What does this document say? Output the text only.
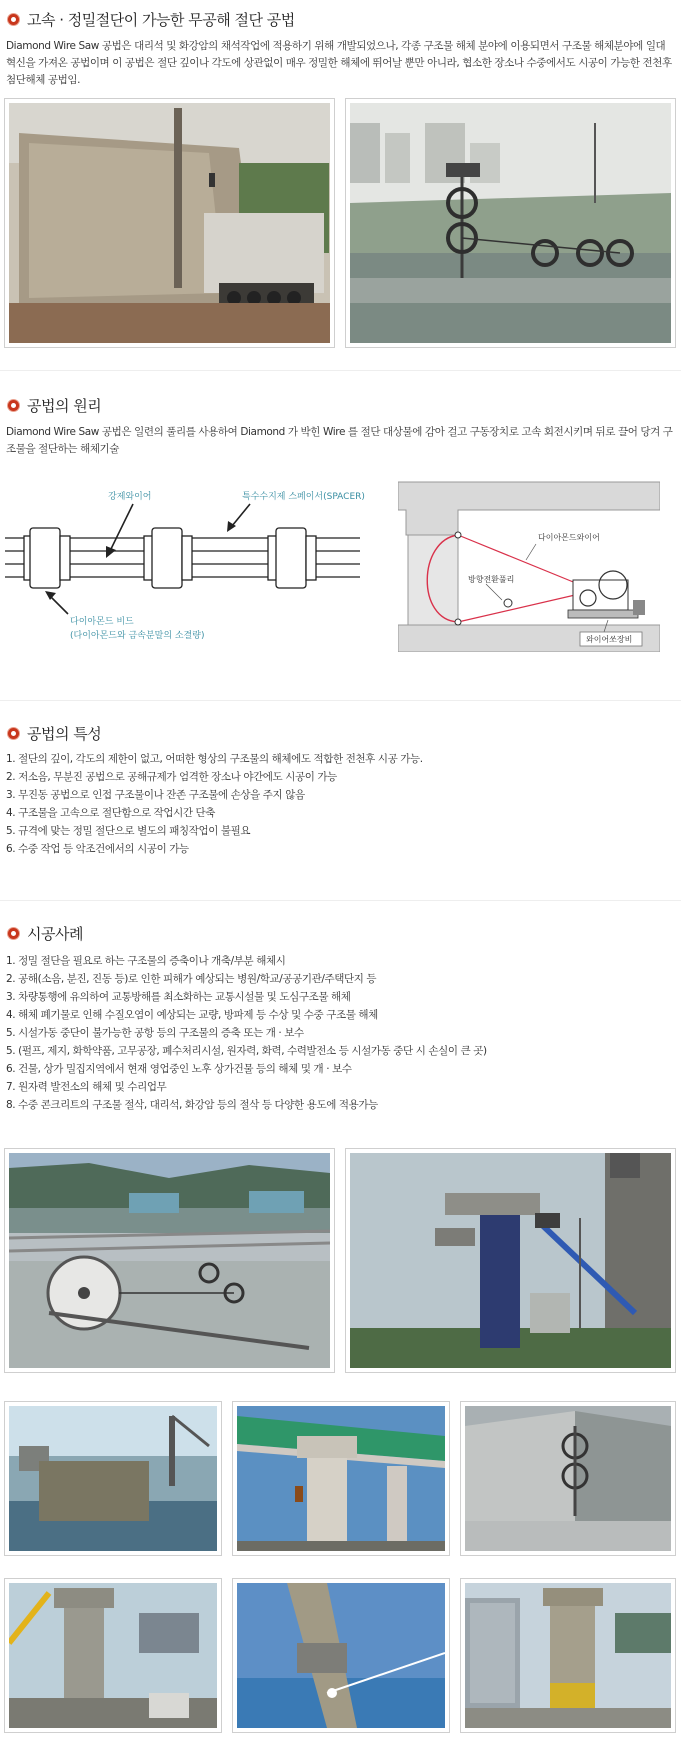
고속 · 정밀절단이 가능한 무공해 절단 공법

Diamond Wire Saw 공법은 대리석 및 화강암의 채석작업에 적용하기 위해 개발되었으나, 각종 구조물 해체 분야에 이용되면서 구조물 해체분야에 일대 혁신을 가져온 공법이며 이 공법은 절단 깊이나 각도에 상관없이 매우 정밀한 해체에 뛰어날 뿐만 아니라, 협소한 장소나 수중에서도 시공이 가능한 전천후 첨단해체 공법임.

공법의 원리

Diamond Wire Saw 공법은 일련의 풀리를 사용하여 Diamond 가 박힌 Wire 를 절단 대상물에 감아 걸고 구동장치로 고속 회전시키며 뒤로 끌어 당겨 구조물을 절단하는 해체기술

강제와이어	특수수지제 스페이서(SPACER)
다이아몬드 비드
(다이아몬드와 금속분말의 소결량)
다이아몬드와이어
방향전환풀리
와이어쏘장비
공법의 특성
1. 절단의 깊이, 각도의 제한이 없고, 어떠한 형상의 구조물의 해체에도 적합한 전천후 시공 가능.
2. 저소음, 무분진 공법으로 공해규제가 엄격한 장소나 야간에도 시공이 가능
3. 무진동 공법으로 인접 구조물이나 잔존 구조물에 손상을 주지 않음
4. 구조물을 고속으로 절단함으로 작업시간 단축
5. 규격에 맞는 정밀 절단으로 별도의 패칭작업이 불필요
6. 수중 작업 등 악조건에서의 시공이 가능
시공사례
1. 정밀 절단을 필요로 하는 구조물의 증축이나 개축/부분 해체시
2. 공해(소음, 분진, 진동 등)로 인한 피해가 예상되는 병원/학교/공공기관/주택단지 등
3. 차량통행에 유의하여 교통방해를 최소화하는 교통시설물 및 도심구조물 해체
4. 해체 폐기물로 인해 수질오염이 예상되는 교량, 방파제 등 수상 및 수중 구조물 해체
5. 시설가동 중단이 불가능한 공항 등의 구조물의 증축 또는 개 · 보수
5. (펄프, 제지, 화학약품, 고무공장, 폐수처리시설, 원자력, 화력, 수력발전소 등 시설가동 중단 시 손실이 큰 곳)
6. 건물, 상가 밀집지역에서 현재 영업중인 노후 상가건물 등의 해체 및 개 · 보수
7. 원자력 발전소의 해체 및 수리업무
8. 수중 콘크리트의 구조물 절삭, 대리석, 화강암 등의 절삭 등 다양한 용도에 적용가능
